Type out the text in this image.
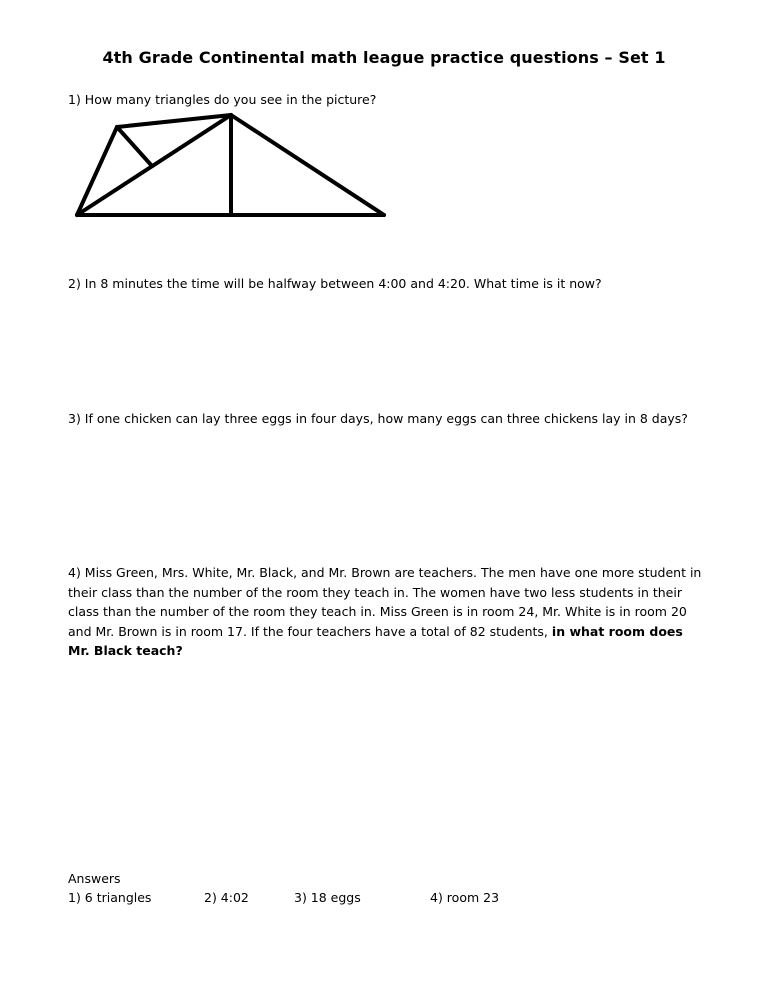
4th Grade Continental math league practice questions – Set 1
1) How many triangles do you see in the picture?
2) In 8 minutes the time will be halfway between 4:00 and 4:20. What time is it now?
3) If one chicken can lay three eggs in four days, how many eggs can three chickens lay in 8 days?
4) Miss Green, Mrs. White, Mr. Black, and Mr. Brown are teachers. The men have one more student in their class than the number of the room they teach in. The women have two less students in their class than the number of the room they teach in. Miss Green is in room 24, Mr. White is in room 20 and Mr. Brown is in room 17. If the four teachers have a total of 82 students, in what room does Mr. Black teach?
Answers
1) 6 triangles	2) 4:02	3) 18 eggs	4) room 23
